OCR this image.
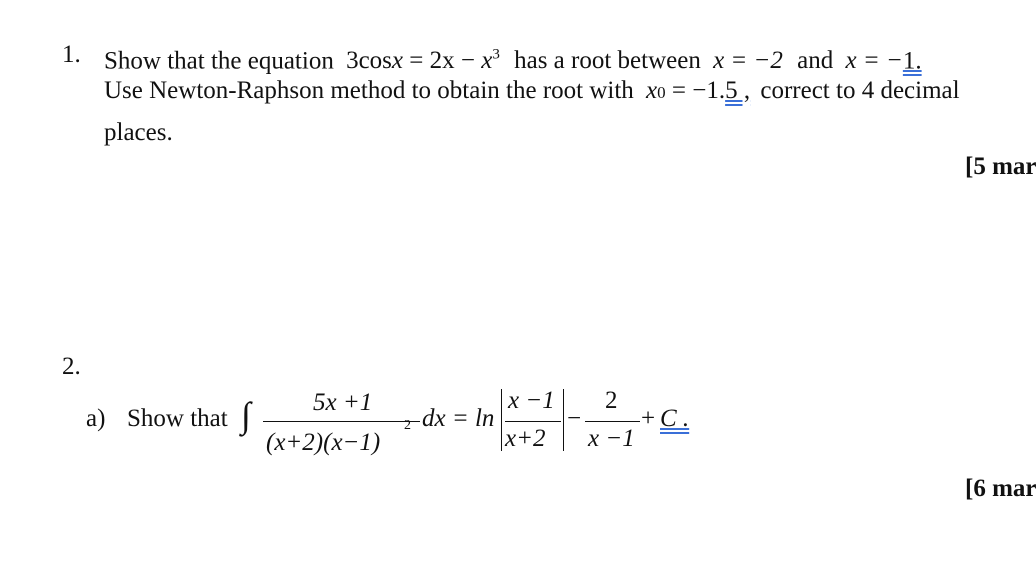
1. Show that the equation $3\cos x = 2x - x^3$ has a root between x = −2 and x = −1.
Use Newton-Raphson method to obtain the root with x0 = −1.5 , correct to 4 decimal
places.
[5 mar
2.
a) Show that ∫ 5x +1
(x+2)(x−1)
2 dx = ln
x −1
x+2
−
2
x −1
+ C .
[6 mar
